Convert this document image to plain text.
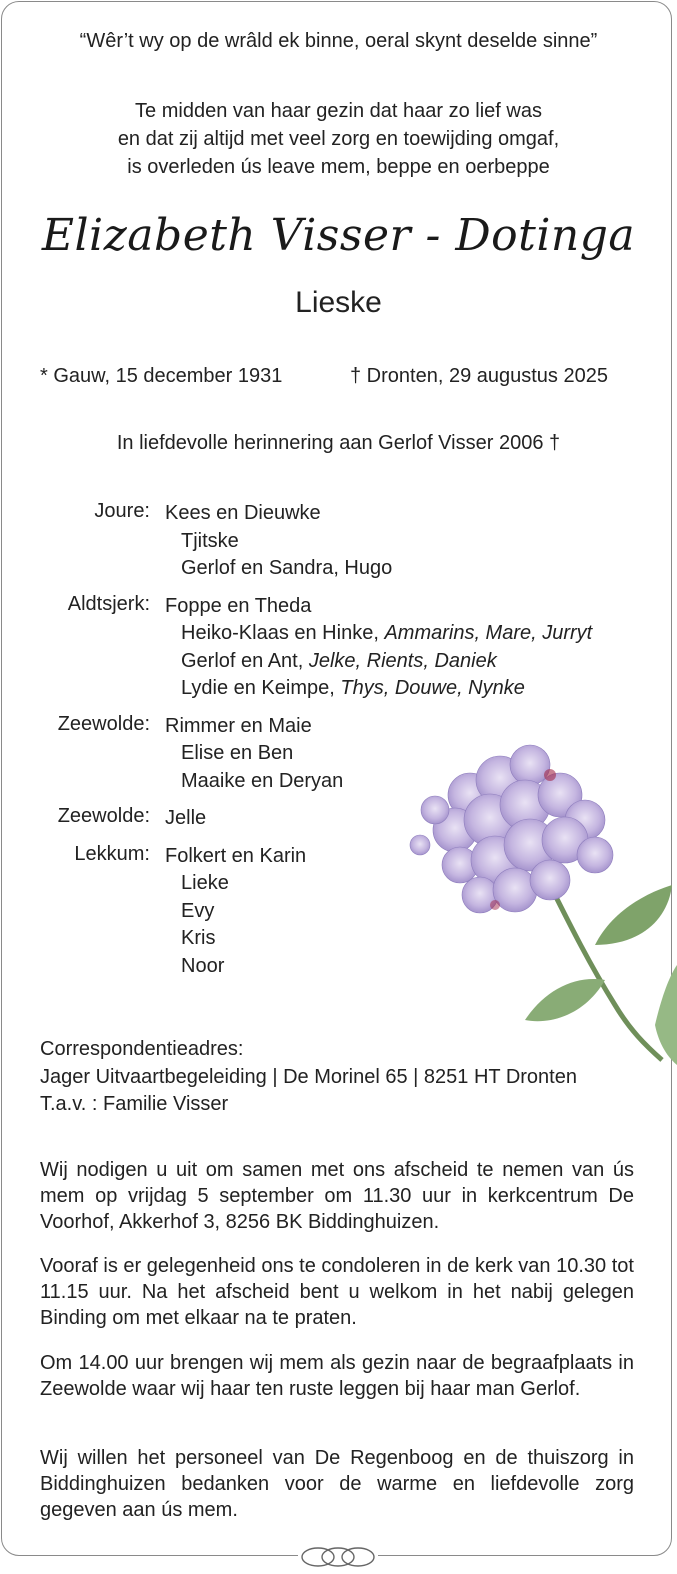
“Wêr’t wy op de wrâld ek binne, oeral skynt deselde sinne”
Te midden van haar gezin dat haar zo lief was
en dat zij altijd met veel zorg en toewijding omgaf,
is overleden ús leave mem, beppe en oerbeppe
Elizabeth Visser - Dotinga
Lieske
* Gauw, 15 december 1931	† Dronten, 29 augustus 2025
In liefdevolle herinnering aan Gerlof Visser 2006 †
Joure: Kees en Dieuwke
Tjitske
Gerlof en Sandra, Hugo
Aldtsjerk: Foppe en Theda
Heiko-Klaas en Hinke, Ammarins, Mare, Jurryt
Gerlof en Ant, Jelke, Rients, Daniek
Lydie en Keimpe, Thys, Douwe, Nynke
Zeewolde: Rimmer en Maie
Elise en Ben
Maaike en Deryan
Zeewolde: Jelle
Lekkum: Folkert en Karin
Lieke
Evy
Kris
Noor
Correspondentieadres:
Jager Uitvaartbegeleiding | De Morinel 65 | 8251 HT Dronten
T.a.v. : Familie Visser
Wij nodigen u uit om samen met ons afscheid te nemen van ús mem op vrijdag 5 september om 11.30 uur in kerkcentrum De Voorhof, Akkerhof 3, 8256 BK Biddinghuizen.
Vooraf is er gelegenheid ons te condoleren in de kerk van 10.30 tot 11.15 uur. Na het afscheid bent u welkom in het nabij gelegen Binding om met elkaar na te praten.
Om 14.00 uur brengen wij mem als gezin naar de begraafplaats in Zeewolde waar wij haar ten ruste leggen bij haar man Gerlof.
Wij willen het personeel van De Regenboog en de thuiszorg in Biddinghuizen bedanken voor de warme en liefdevolle zorg gegeven aan ús mem.
